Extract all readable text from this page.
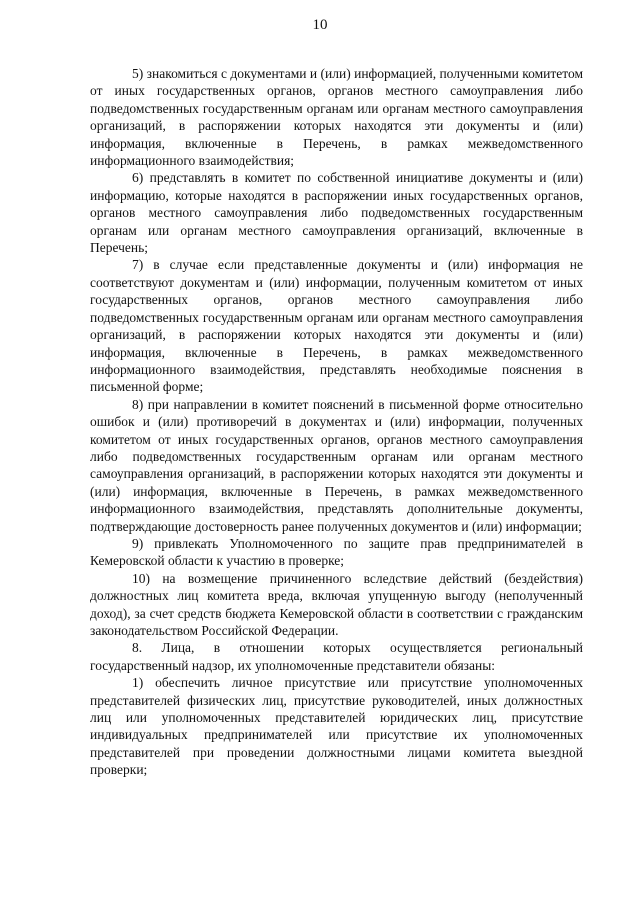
10

5) знакомиться с документами и (или) информацией, полученными комитетом от иных государственных органов, органов местного самоуправления либо подведомственных государственным органам или органам местного самоуправления организаций, в распоряжении которых находятся эти документы и (или) информация, включенные в Перечень, в рамках межведомственного информационного взаимодействия;

6) представлять в комитет по собственной инициативе документы и (или) информацию, которые находятся в распоряжении иных государственных органов, органов местного самоуправления либо подведомственных государственным органам или органам местного самоуправления организаций, включенные в Перечень;

7) в случае если представленные документы и (или) информация не соответствуют документам и (или) информации, полученным комитетом от иных государственных органов, органов местного самоуправления либо подведомственных государственным органам или органам местного самоуправления организаций, в распоряжении которых находятся эти документы и (или) информация, включенные в Перечень, в рамках межведомственного информационного взаимодействия, представлять необходимые пояснения в письменной форме;

8) при направлении в комитет пояснений в письменной форме относительно ошибок и (или) противоречий в документах и (или) информации, полученных комитетом от иных государственных органов, органов местного самоуправления либо подведомственных государственным органам или органам местного самоуправления организаций, в распоряжении которых находятся эти документы и (или) информация, включенные в Перечень, в рамках межведомственного информационного взаимодействия, представлять дополнительные документы, подтверждающие достоверность ранее полученных документов и (или) информации;

9) привлекать Уполномоченного по защите прав предпринимателей в Кемеровской области к участию в проверке;

10) на возмещение причиненного вследствие действий (бездействия) должностных лиц комитета вреда, включая упущенную выгоду (неполученный доход), за счет средств бюджета Кемеровской области в соответствии с гражданским законодательством Российской Федерации.

8. Лица, в отношении которых осуществляется региональный государственный надзор, их уполномоченные представители обязаны:

1) обеспечить личное присутствие или присутствие уполномоченных представителей физических лиц, присутствие руководителей, иных должностных лиц или уполномоченных представителей юридических лиц, присутствие индивидуальных предпринимателей или присутствие их уполномоченных представителей при проведении должностными лицами комитета выездной проверки;
